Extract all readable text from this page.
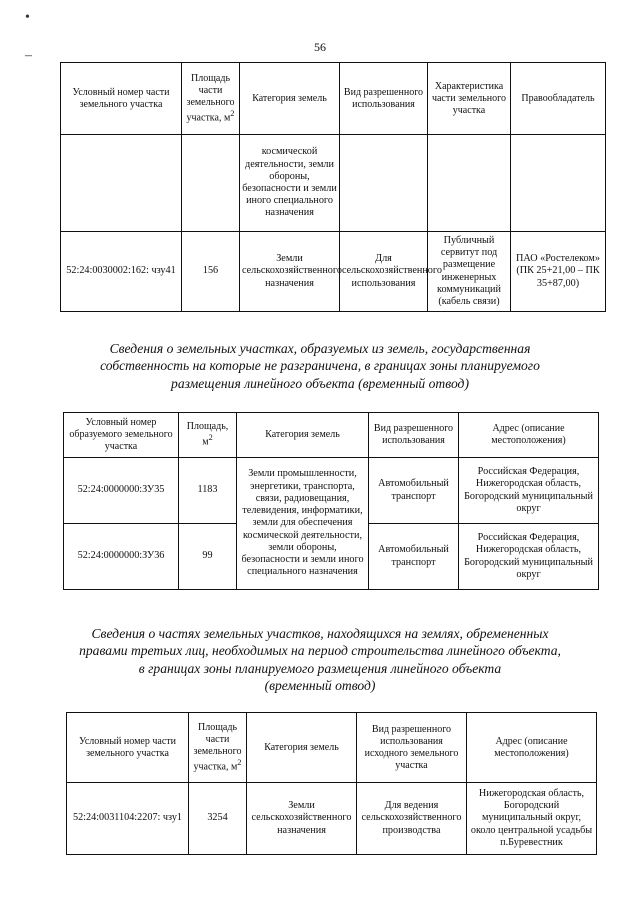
•
–
56
Условный номер части земельного участка	Площадь части земельного участка, $м^2$	Категория земель	Вид разрешенного использования	Характеристика части земельного участка	Правообладатель
		космической деятельности, земли обороны, безопасности и земли иного специального назначения			
52:24:0030002:162: чзу41	156	Земли сельскохозяйственного назначения	Для сельскохозяйственного использования	Публичный сервитут под размещение инженерных коммуникаций (кабель связи)	ПАО «Ростелеком» (ПК 25+21,00 – ПК 35+87,00)
Сведения о земельных участках, образуемых из земель, государственная
собственность на которые не разграничена, в границах зоны планируемого
размещения линейного объекта (временный отвод)
Условный номер образуемого земельного участка	Площадь, $м^2$	Категория земель	Вид разрешенного использования	Адрес (описание местоположения)
52:24:0000000:ЗУ35	1183	Земли промышленности, энергетики, транспорта, связи, радиовещания, телевидения, информатики, земли для обеспечения космической деятельности, земли обороны, безопасности и земли иного специального назначения	Автомобильный транспорт	Российская Федерация, Нижегородская область, Богородский муниципальный округ
52:24:0000000:ЗУ36	99		Автомобильный транспорт	Российская Федерация, Нижегородская область, Богородский муниципальный округ
Сведения о частях земельных участков, находящихся на землях, обремененных
правами третьих лиц, необходимых на период строительства линейного объекта,
в границах зоны планируемого размещения линейного объекта
(временный отвод)
Условный номер части земельного участка	Площадь части земельного участка, $м^2$	Категория земель	Вид разрешенного использования исходного земельного участка	Адрес (описание местоположения)
52:24:0031104:2207: чзу1	3254	Земли сельскохозяйственного назначения	Для ведения сельскохозяйственного производства	Нижегородская область, Богородский муниципальный округ, около центральной усадьбы п.Буревестник
